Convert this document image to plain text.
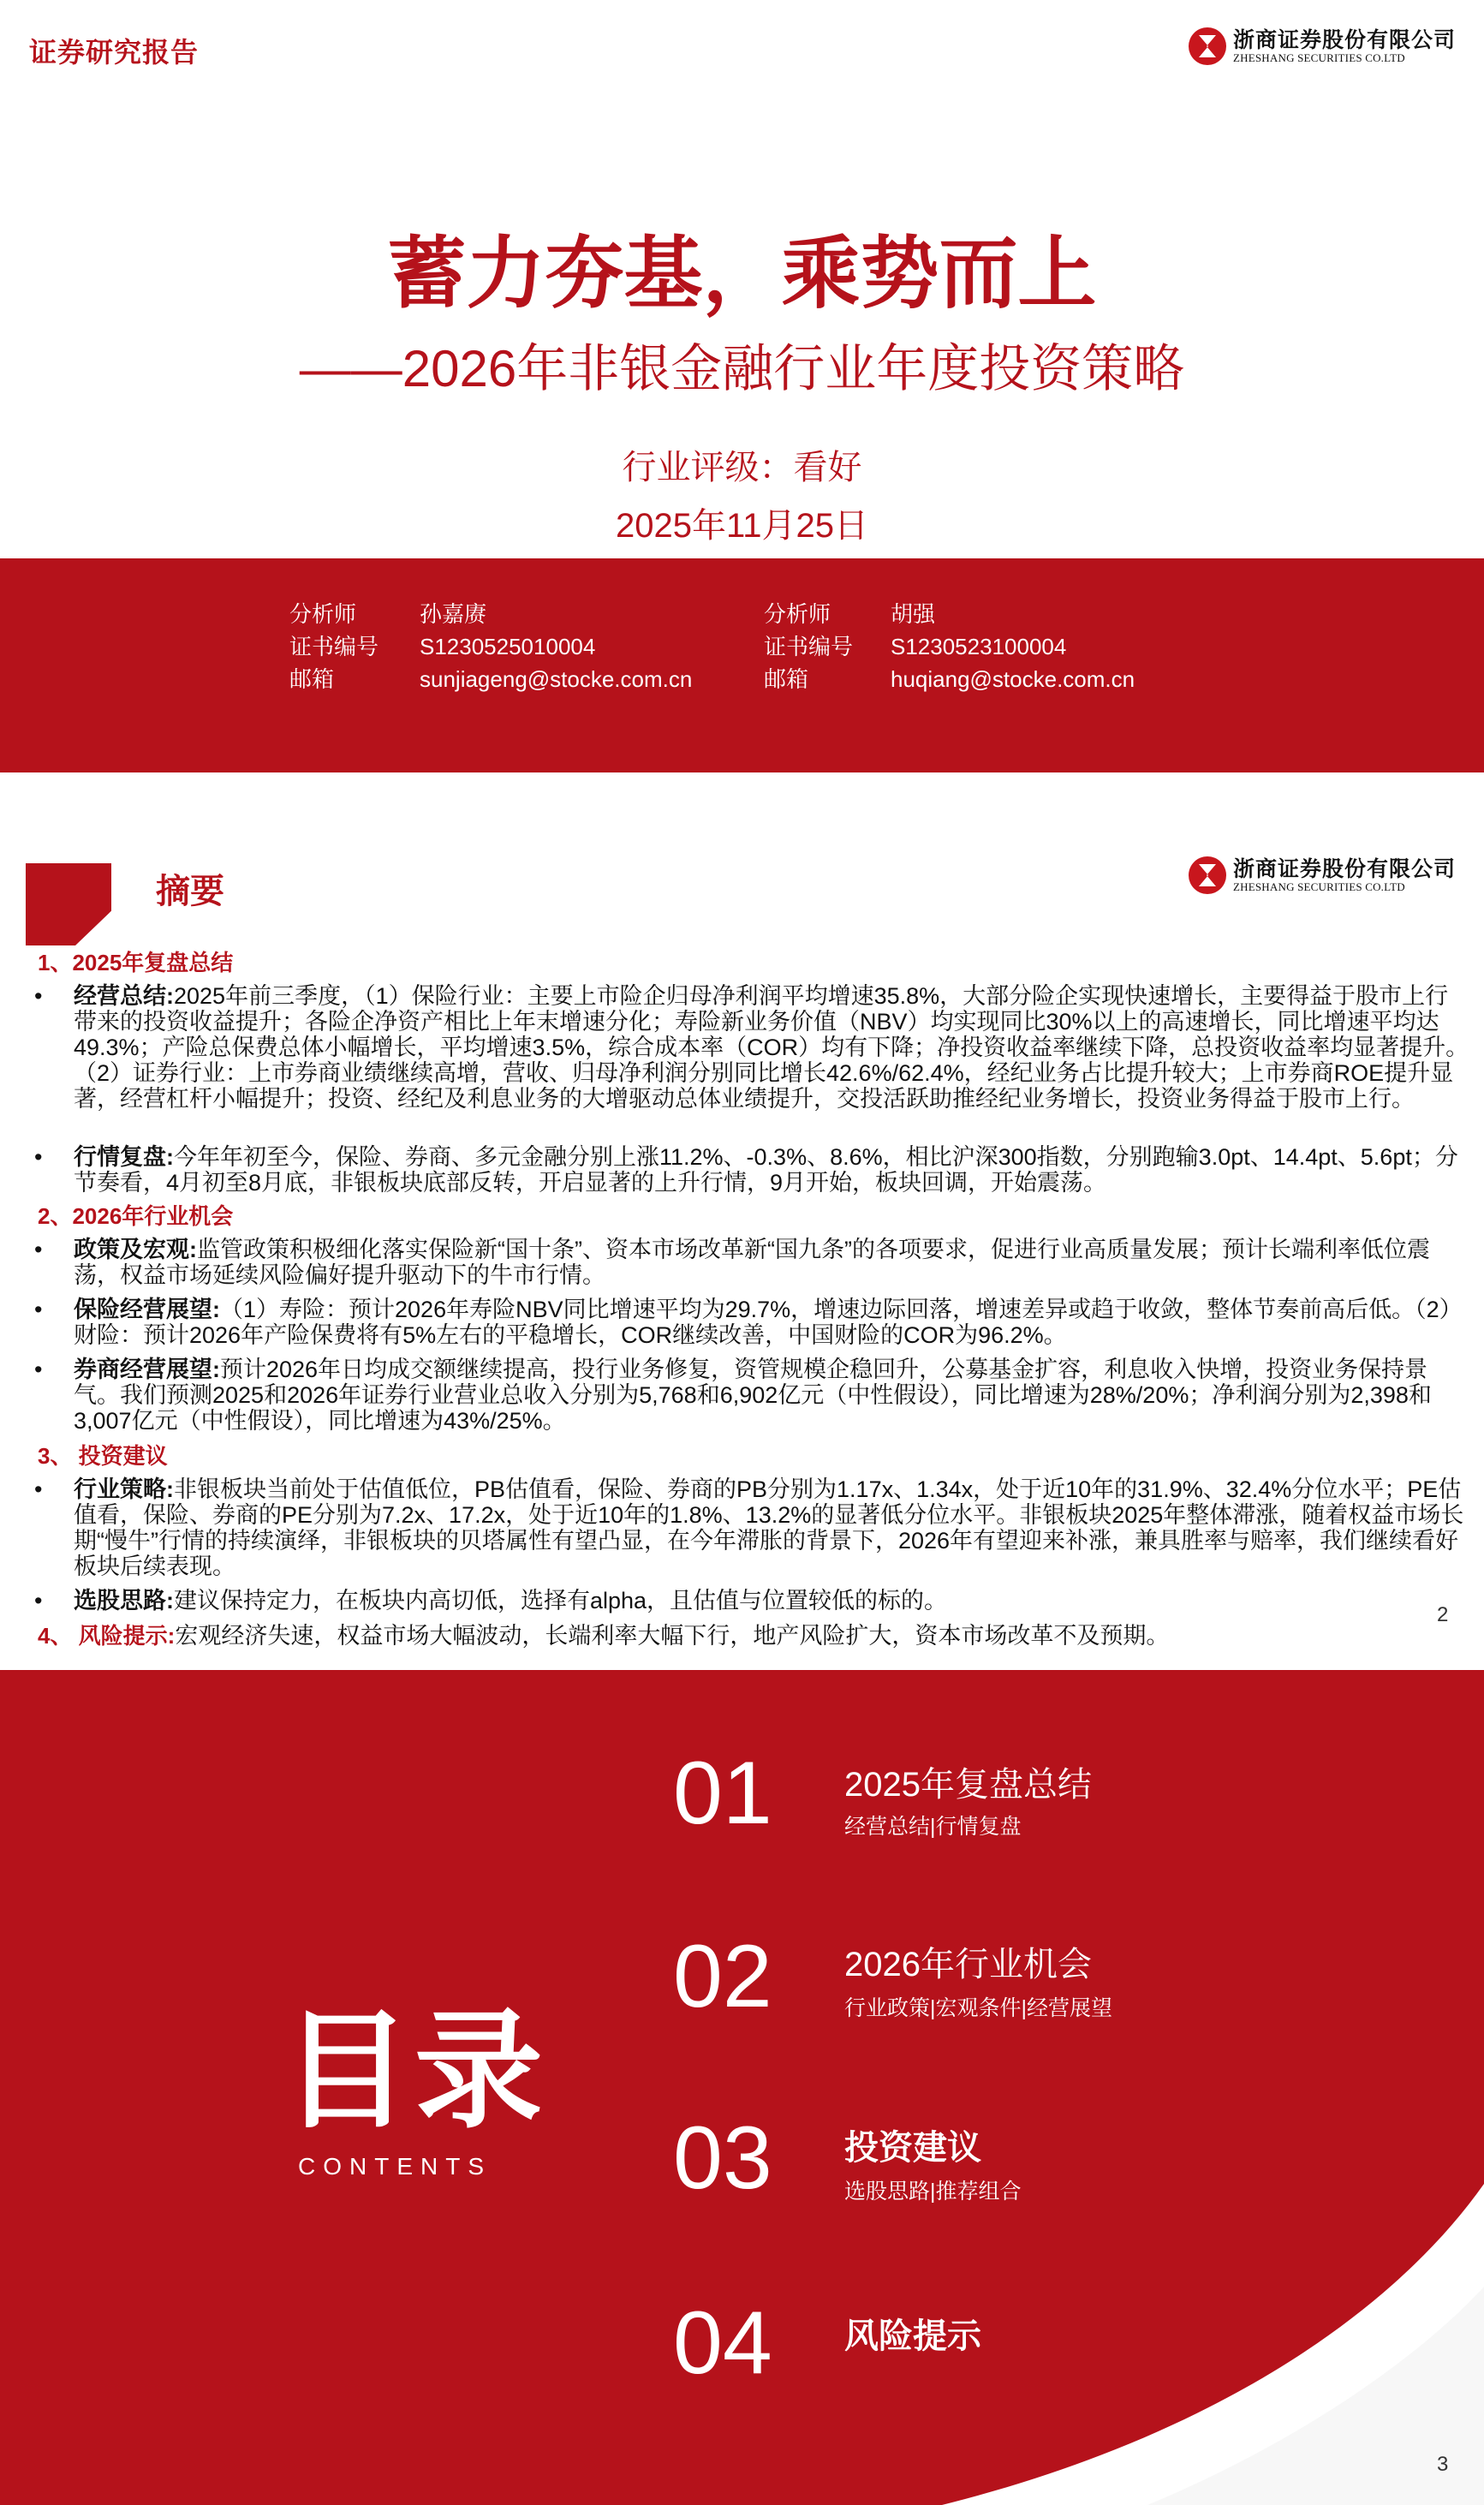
证券研究报告	浙商证券股份有限公司
ZHESHANG SECURITIES CO.LTD
蓄力夯基，乘势而上
——2026年非银金融行业年度投资策略
行业评级：看好
2025年11月25日
分析师
证书编号
邮箱
孙嘉赓
S1230525010004
sunjiageng@stocke.com.cn
分析师
证书编号
邮箱
胡强
S1230523100004
huqiang@stocke.com.cn
摘要
浙商证券股份有限公司
ZHESHANG SECURITIES CO.LTD
1、2025年复盘总结
• 经营总结:2025年前三季度，（1）保险行业：主要上市险企归母净利润平均增速35.8%，大部分险企实现快速增长，主要得益于股市上行带来的投资收益提升；各险企净资产相比上年末增速分化；寿险新业务价值（NBV）均实现同比30%以上的高速增长，同比增速平均达49.3%；产险总保费总体小幅增长，平均增速3.5%，综合成本率（COR）均有下降；净投资收益率继续下降，总投资收益率均显著提升。（2）证券行业：上市券商业绩继续高增，营收、归母净利润分别同比增长42.6%/62.4%，经纪业务占比提升较大；上市券商ROE提升显著，经营杠杆小幅提升；投资、经纪及利息业务的大增驱动总体业绩提升，交投活跃助推经纪业务增长，投资业务得益于股市上行。
• 行情复盘:今年年初至今，保险、券商、多元金融分别上涨11.2%、-0.3%、8.6%，相比沪深300指数，分别跑输3.0pt、14.4pt、5.6pt；分节奏看，4月初至8月底，非银板块底部反转，开启显著的上升行情，9月开始，板块回调，开始震荡。
2、2026年行业机会
• 政策及宏观:监管政策积极细化落实保险新“国十条”、资本市场改革新“国九条”的各项要求，促进行业高质量发展；预计长端利率低位震荡，权益市场延续风险偏好提升驱动下的牛市行情。
• 保险经营展望:（1）寿险：预计2026年寿险NBV同比增速平均为29.7%，增速边际回落，增速差异或趋于收敛，整体节奏前高后低。（2）财险：预计2026年产险保费将有5%左右的平稳增长，COR继续改善，中国财险的COR为96.2%。
• 券商经营展望:预计2026年日均成交额继续提高，投行业务修复，资管规模企稳回升，公募基金扩容，利息收入快增，投资业务保持景气。我们预测2025和2026年证券行业营业总收入分别为5,768和6,902亿元（中性假设），同比增速为28%/20%；净利润分别为2,398和3,007亿元（中性假设），同比增速为43%/25%。
3、 投资建议
• 行业策略:非银板块当前处于估值低位，PB估值看，保险、券商的PB分别为1.17x、1.34x，处于近10年的31.9%、32.4%分位水平；PE估值看，保险、券商的PE分别为7.2x、17.2x，处于近10年的1.8%、13.2%的显著低分位水平。非银板块2025年整体滞涨，随着权益市场长期“慢牛”行情的持续演绎，非银板块的贝塔属性有望凸显，在今年滞胀的背景下，2026年有望迎来补涨，兼具胜率与赔率，我们继续看好板块后续表现。
• 选股思路:建议保持定力，在板块内高切低，选择有alpha，且估值与位置较低的标的。
4、 风险提示:宏观经济失速，权益市场大幅波动，长端利率大幅下行，地产风险扩大，资本市场改革不及预期。
2
目录
CONTENTS
01 2025年复盘总结
经营总结|行情复盘
02 2026年行业机会
行业政策|宏观条件|经营展望
03 投资建议
选股思路|推荐组合
04 风险提示
3
